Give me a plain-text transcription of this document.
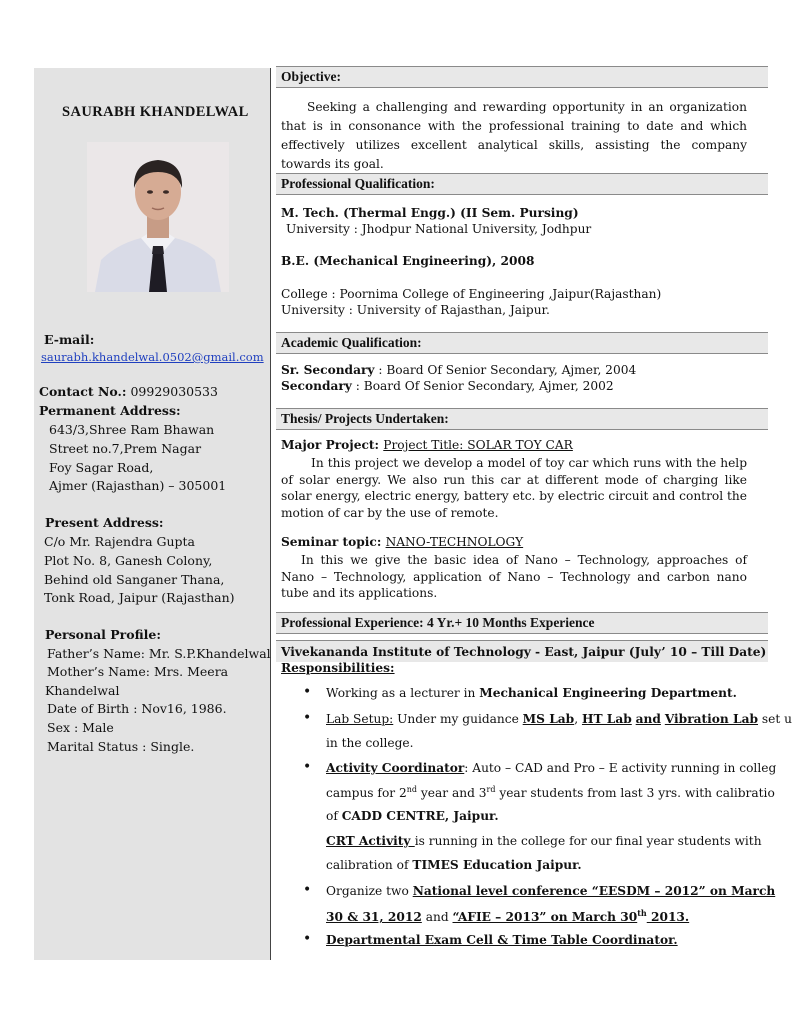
SAURABH KHANDELWAL
E-mail:
saurabh.khandelwal.0502@gmail.com
Contact No.: 09929030533
Permanent Address:
643/3,Shree Ram Bhawan
Street no.7,Prem Nagar
Foy Sagar Road,
Ajmer (Rajasthan) – 305001
Present Address:
C/o Mr. Rajendra Gupta
Plot No. 8, Ganesh Colony,
Behind old Sanganer Thana,
Tonk Road, Jaipur (Rajasthan)
Personal Profile:
Father’s Name: Mr. S.P.Khandelwal
Mother’s Name: Mrs. Meera
Khandelwal
Date of Birth : Nov16, 1986.
Sex : Male
Marital Status : Single.
Objective:
Seeking a challenging and rewarding opportunity in an organization that is in consonance with the professional training to date and which effectively utilizes excellent analytical skills, assisting the company towards its goal.
Professional Qualification:
M. Tech. (Thermal Engg.) (II Sem. Pursing)
University : Jhodpur National University, Jodhpur
B.E. (Mechanical Engineering), 2008
College : Poornima College of Engineering ,Jaipur(Rajasthan)
University : University of Rajasthan, Jaipur.
Academic Qualification:
Sr. Secondary : Board Of Senior Secondary, Ajmer, 2004
Secondary : Board Of Senior Secondary, Ajmer, 2002
Thesis/ Projects Undertaken:
Major Project: Project Title: SOLAR TOY CAR
In this project we develop a model of toy car which runs with the help of solar energy. We also run this car at different mode of charging like solar energy, electric energy, battery etc. by electric circuit and control the motion of car by the use of remote.
Seminar topic: NANO-TECHNOLOGY
In this we give the basic idea of Nano – Technology, approaches of Nano – Technology, application of Nano – Technology and carbon nano tube and its applications.
Professional Experience: 4 Yr.+ 10 Months Experience
Vivekananda Institute of Technology - East, Jaipur (July’ 10 – Till Date)
Responsibilities:
• Working as a lecturer in Mechanical Engineering Department.
• Lab Setup: Under my guidance MS Lab, HT Lab and Vibration Lab set u
in the college.
• Activity Coordinator: Auto – CAD and Pro – E activity running in colleg
campus for 2nd year and 3rd year students from last 3 yrs. with calibratio
of CADD CENTRE, Jaipur.
CRT Activity is running in the college for our final year students with
calibration of TIMES Education Jaipur.
• Organize two National level conference “EESDM – 2012” on March
30 & 31, 2012 and “AFIE – 2013” on March 30th 2013.
• Departmental Exam Cell & Time Table Coordinator.
